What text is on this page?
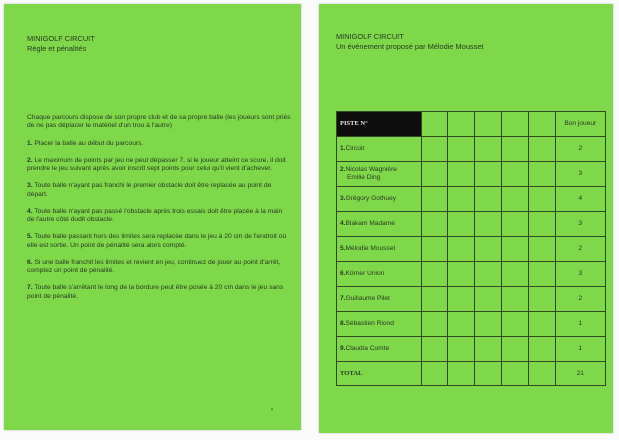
MINIGOLF CIRCUIT
Règle et pénalités

Chaque parcours dispose de son propre club et de sa propre balle (les joueurs sont priés de ne pas déplacer le matériel d'un trou à l'autre)

1. Placer la balle au début du parcours.

2. Le maximum de points par jeu ne peut dépasser 7. si le joueur atteint ce score, il doit prendre le jeu suivant après avoir inscrit sept points pour celui qu'il vient d'achever.

3. Toute balle n'ayant pas franchi le premier obstacle doit être replacée au point de départ.

4. Toute balle n'ayant pas passé l'obstacle après trois essais doit être placée à la main de l'autre côté dudit obstacle.

5. Toute balle passant hors des limites sera replacée dans le jeu à 20 cm de l'endroit où elle est sortie. Un point de pénalité sera alors compté.

6. Si une balle franchit les limites et revient en jeu, continuez de jouer au point d'arrêt, comptez un point de pénalité.

7. Toute balle s'arrêtant le long de la bordure peut être posée à 20 cm dans le jeu sans point de pénalité.

MINIGOLF CIRCUIT
Un événement proposé par Mélodie Mousset
PISTE N°						Bon joueur
1.Circuit						2
2.Nicolas Wagnière
Emilie Ding						3
3.Grégory Gothuey						4
4.Blakam Madame						3
5.Mélodie Mousset						2
6.Körner Union						3
7.Guillaume Pilet						2
8.Sébastien Riond						1
9.Claudia Comte						1
TOTAL						21
